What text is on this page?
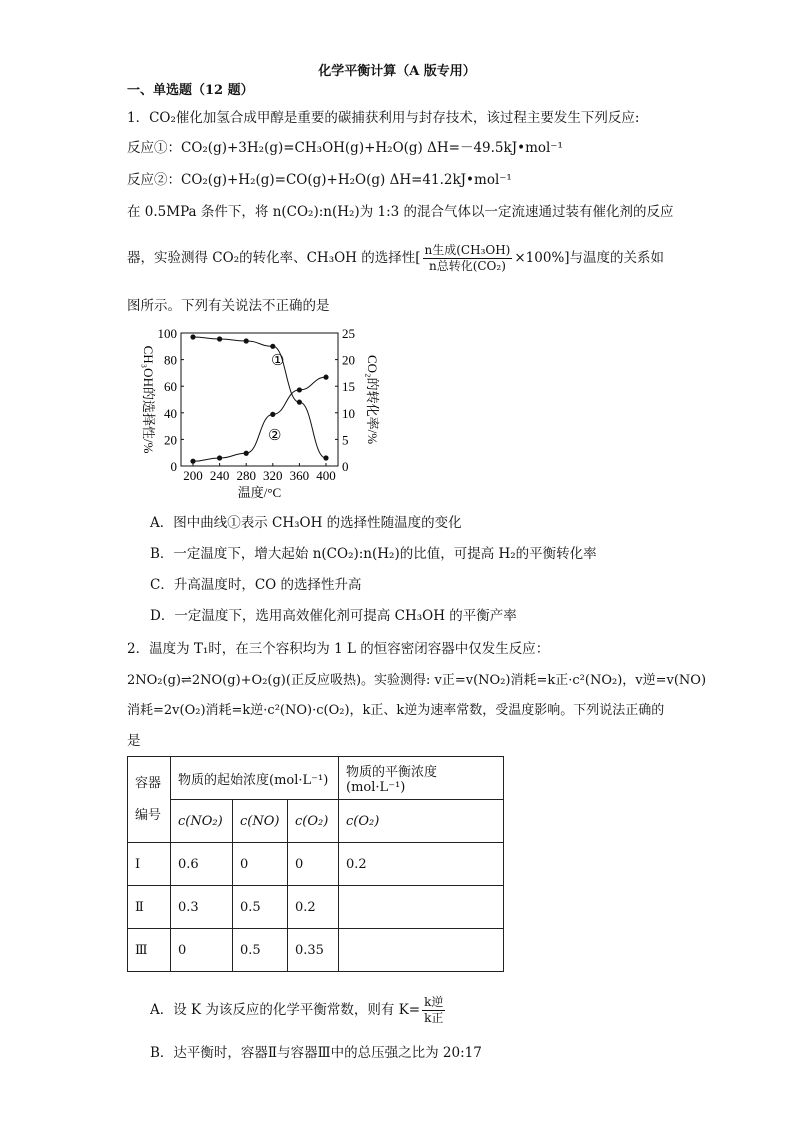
化学平衡计算（A 版专用）
一、单选题（12 题）
1．CO₂催化加氢合成甲醇是重要的碳捕获利用与封存技术，该过程主要发生下列反应:
反应①：CO₂(g)+3H₂(g)=CH₃OH(g)+H₂O(g) ΔH=－49.5kJ•mol⁻¹
反应②：CO₂(g)+H₂(g)=CO(g)+H₂O(g) ΔH=41.2kJ•mol⁻¹
在 0.5MPa 条件下，将 n(CO₂):n(H₂)为 1:3 的混合气体以一定流速通过装有催化剂的反应
器，实验测得 CO₂的转化率、CH₃OH 的选择性[ $\frac{\text{n生成(CH₃OH)}}{\text{n总转化(CO₂)}} \times 100\%$]与温度的关系如
图所示。下列有关说法不正确的是
200 240 280 320 360 400
0
20
40
60
80
100
0
5
10
15
20
25
温度/°C
CH₃OH的选择性/%	CO₂的转化率/%
①
②
A．图中曲线①表示 CH₃OH 的选择性随温度的变化
B．一定温度下，增大起始 n(CO₂):n(H₂)的比值，可提高 H₂的平衡转化率
C．升高温度时，CO 的选择性升高
D．一定温度下，选用高效催化剂可提高 CH₃OH 的平衡产率
2．温度为 T₁时，在三个容积均为 1 L 的恒容密闭容器中仅发生反应：
2NO₂(g)⇌2NO(g)+O₂(g)(正反应吸热)。实验测得: v正=v(NO₂)消耗=k正·c²(NO₂)，v逆=v(NO)
消耗=2v(O₂)消耗=k逆·c²(NO)·c(O₂)，k正、k逆为速率常数，受温度影响。下列说法正确的
是
容器编号	物质的起始浓度(mol·L⁻¹)			物质的平衡浓度(mol·L⁻¹)
	c(NO₂)	c(NO)	c(O₂)	c(O₂)
Ⅰ	0.6	0	0	0.2
Ⅱ	0.3	0.5	0.2	
Ⅲ	0	0.5	0.35	
A．设 K 为该反应的化学平衡常数，则有 $K= \frac{\text{k逆}}{\text{k正}}$
B．达平衡时，容器Ⅱ与容器Ⅲ中的总压强之比为 20:17
